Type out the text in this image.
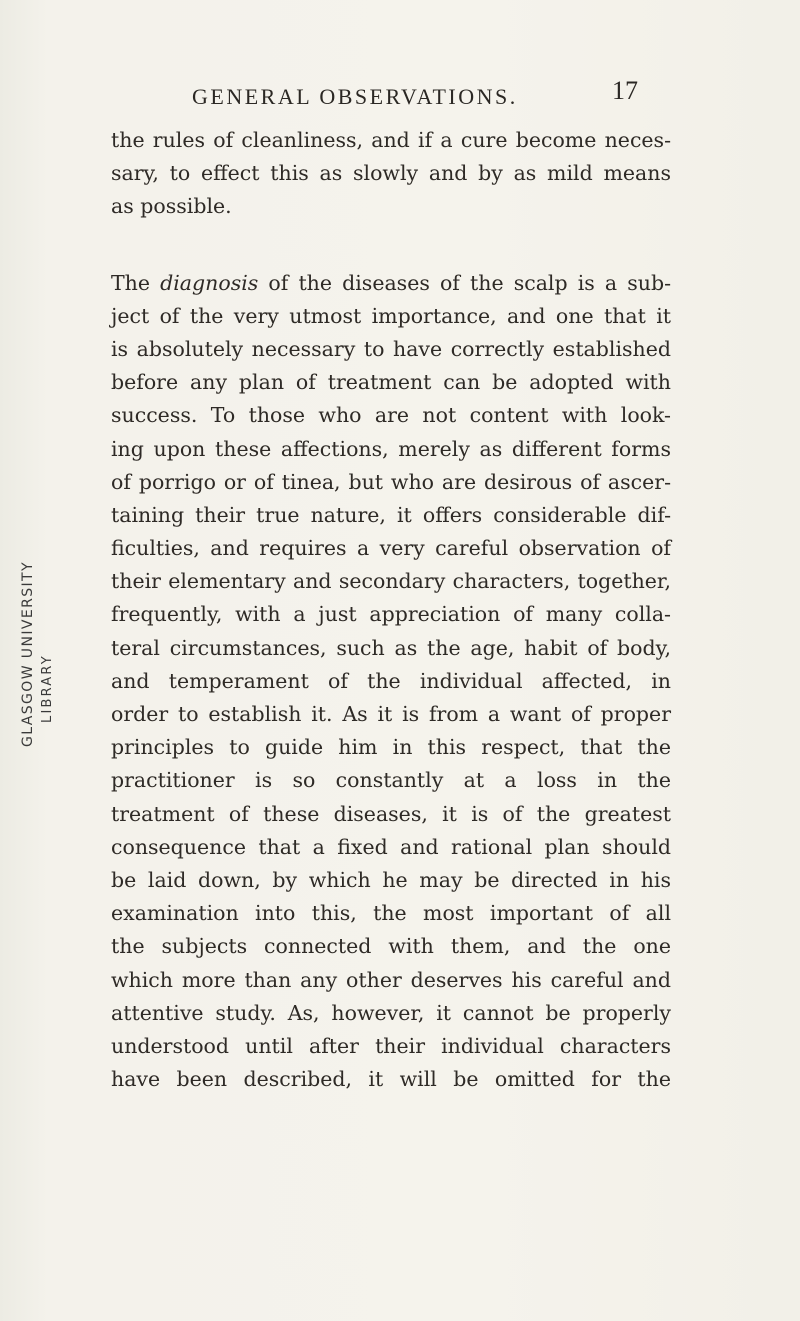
GENERAL OBSERVATIONS.	17
GLASGOW UNIVERSITY LIBRARY
the rules of cleanliness, and if a cure become neces-
sary, to effect this as slowly and by as mild means
as possible.
The diagnosis of the diseases of the scalp is a sub-
ject of the very utmost importance, and one that it
is absolutely necessary to have correctly established
before any plan of treatment can be adopted with
success. To those who are not content with look-
ing upon these affections, merely as different forms
of porrigo or of tinea, but who are desirous of ascer-
taining their true nature, it offers considerable dif-
ficulties, and requires a very careful observation of
their elementary and secondary characters, together,
frequently, with a just appreciation of many colla-
teral circumstances, such as the age, habit of body,
and temperament of the individual affected, in
order to establish it. As it is from a want of proper
principles to guide him in this respect, that the
practitioner is so constantly at a loss in the
treatment of these diseases, it is of the greatest
consequence that a fixed and rational plan should
be laid down, by which he may be directed in his
examination into this, the most important of all
the subjects connected with them, and the one
which more than any other deserves his careful and
attentive study. As, however, it cannot be properly
understood until after their individual characters
have been described, it will be omitted for the
